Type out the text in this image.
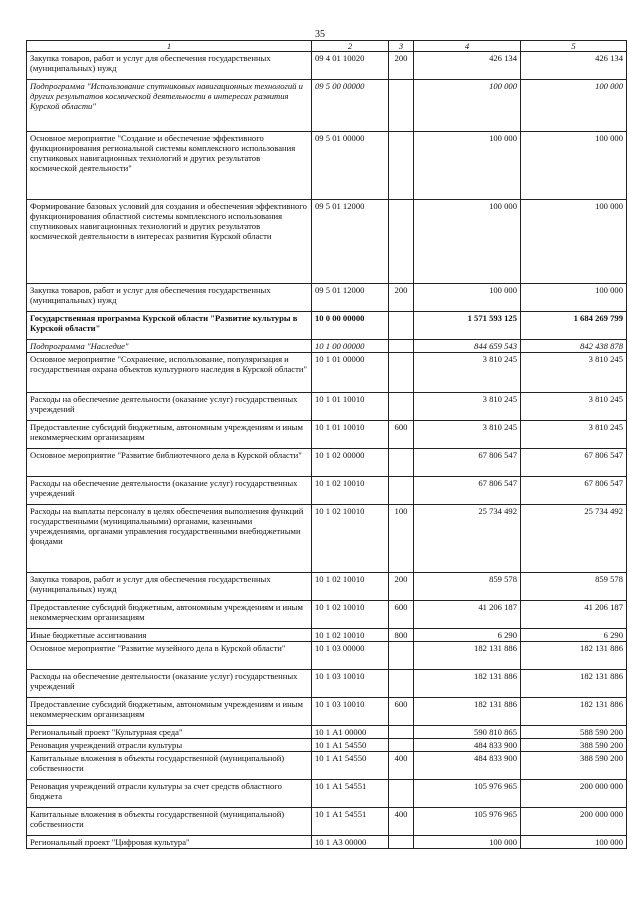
35
1	2	3	4	5
Закупка товаров, работ и услуг для обеспечения государственных (муниципальных) нужд	09 4 01 10020	200	426 134	426 134
Подпрограмма "Использование спутниковых навигационных технологий и других результатов космической деятельности в интересах развития Курской области"	09 5 00 00000		100 000	100 000
Основное мероприятие "Создание и обеспечение эффективного функционирования региональной системы комплексного использования спутниковых навигационных технологий и других результатов космической деятельности"	09 5 01 00000		100 000	100 000
Формирование базовых условий для создания и обеспечения эффективного функционирования областной системы комплексного использования спутниковых навигационных технологий и других результатов космической деятельности в интересах развития Курской области	09 5 01 12000		100 000	100 000
Закупка товаров, работ и услуг для обеспечения государственных (муниципальных) нужд	09 5 01 12000	200	100 000	100 000
Государственная программа Курской области "Развитие культуры в Курской области"	10 0 00 00000		1 571 593 125	1 684 269 799
Подпрограмма "Наследие"	10 1 00 00000		844 659 543	842 438 878
Основное мероприятие "Сохранение, использование, популяризация и государственная охрана объектов культурного наследия в Курской области"	10 1 01 00000		3 810 245	3 810 245
Расходы на обеспечение деятельности (оказание услуг) государственных учреждений	10 1 01 10010		3 810 245	3 810 245
Предоставление субсидий бюджетным, автономным учреждениям и иным некоммерческим организациям	10 1 01 10010	600	3 810 245	3 810 245
Основное мероприятие "Развитие библиотечного дела в Курской области"	10 1 02 00000		67 806 547	67 806 547
Расходы на обеспечение деятельности (оказание услуг) государственных учреждений	10 1 02 10010		67 806 547	67 806 547
Расходы на выплаты персоналу в целях обеспечения выполнения функций государственными (муниципальными) органами, казенными учреждениями, органами управления государственными внебюджетными фондами	10 1 02 10010	100	25 734 492	25 734 492
Закупка товаров, работ и услуг для обеспечения государственных (муниципальных) нужд	10 1 02 10010	200	859 578	859 578
Предоставление субсидий бюджетным, автономным учреждениям и иным некоммерческим организациям	10 1 02 10010	600	41 206 187	41 206 187
Иные бюджетные ассигнования	10 1 02 10010	800	6 290	6 290
Основное мероприятие "Развитие музейного дела в Курской области"	10 1 03 00000		182 131 886	182 131 886
Расходы на обеспечение деятельности (оказание услуг) государственных учреждений	10 1 03 10010		182 131 886	182 131 886
Предоставление субсидий бюджетным, автономным учреждениям и иным некоммерческим организациям	10 1 03 10010	600	182 131 886	182 131 886
Региональный проект "Культурная среда"	10 1 А1 00000		590 810 865	588 590 200
Реновация учреждений отрасли культуры	10 1 А1 54550		484 833 900	388 590 200
Капитальные вложения в объекты государственной (муниципальной) собственности	10 1 А1 54550	400	484 833 900	388 590 200
Реновация учреждений отрасли культуры за счет средств областного бюджета	10 1 А1 54551		105 976 965	200 000 000
Капитальные вложения в объекты государственной (муниципальной) собственности	10 1 А1 54551	400	105 976 965	200 000 000
Региональный проект "Цифровая культура"	10 1 А3 00000		100 000	100 000
